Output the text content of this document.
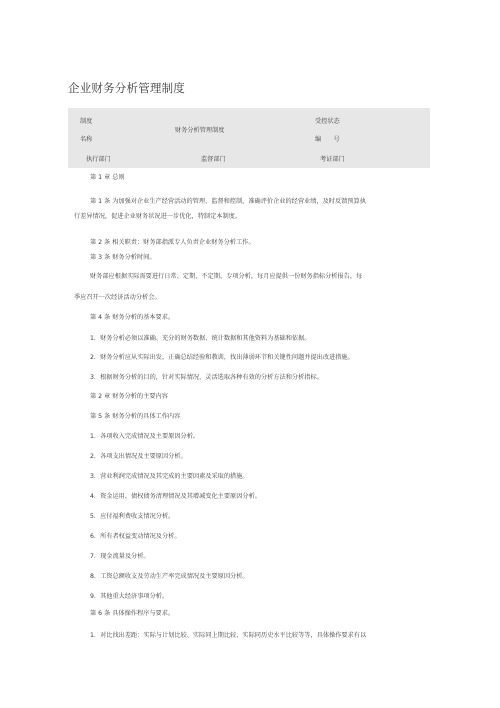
企业财务分析管理制度
制度
名称
财务分析管理制度
受控状态
编　　号
执行部门	监督部门	考证部门
第 1 章 总则
第 1 条 为加强对企业生产经营活动的管理、监督和控制，准确评价企业的经营业绩，及时反馈预算执
行差异情况，促进企业财务状况进一步优化，特制定本制度。
第 2 条 相关职责：财务部指派专人负责企业财务分析工作。
第 3 条 财务分析时间。
财务部应根据实际需要进行日常、定期、不定期、专项分析，每月应提供一份财务指标分析报告，每
季应召开一次经济活动分析会。
第 4 条 财务分析的基本要求。
1．财务分析必须以准确、充分的财务数据、统计数据和其他资料为基础和依据。
2．财务分析应从实际出发，正确总结经验和教训，找出薄弱环节和关键性问题并提出改进措施。
3．根据财务分析的目的，针对实际情况，灵活选取各种有效的分析方法和分析指标。
第 2 章 财务分析的主要内容
第 5 条 财务分析的具体工作内容
1．各项收入完成情况及主要原因分析。
2．各项支出情况及主要原因分析。
3．营业利润完成情况及其完成的主要因素及采取的措施。
4．资金运用、债权债务清理情况及其增减变化主要原因分析。
5．应付福利费收支情况分析。
6．所有者权益变动情况及分析。
7．现金流量及分析。
8．工资总额收支及劳动生产率完成情况及主要原因分析。
9．其他重大经济事项分析。
第 6 条 具体操作程序与要求。
1．对比找出差距：实际与计划比较、实际同上期比较、实际同历史水平比较等等，具体操作要求有以
